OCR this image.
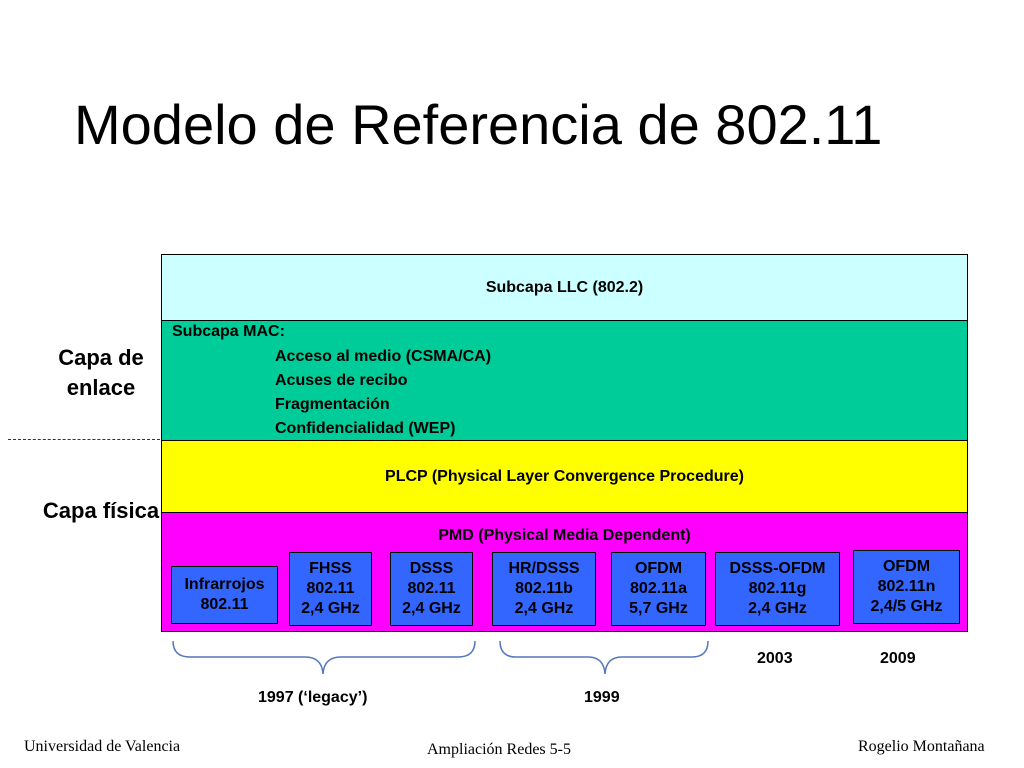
Modelo de Referencia de 802.11
Capa de enlace
Capa física
Subcapa LLC (802.2)
Subcapa MAC:
Acceso al medio (CSMA/CA)
Acuses de recibo
Fragmentación
Confidencialidad (WEP)
PLCP (Physical Layer Convergence Procedure)
PMD (Physical Media Dependent)
Infrarrojos
802.11
FHSS
802.11
2,4 GHz
DSSS
802.11
2,4 GHz
HR/DSSS
802.11b
2,4 GHz
OFDM
802.11a
5,7 GHz
DSSS-OFDM
802.11g
2,4 GHz
OFDM
802.11n
2,4/5 GHz
2003	2009
1997 (‘legacy’)	1999
Universidad de Valencia	Ampliación Redes 5-5	Rogelio Montañana
